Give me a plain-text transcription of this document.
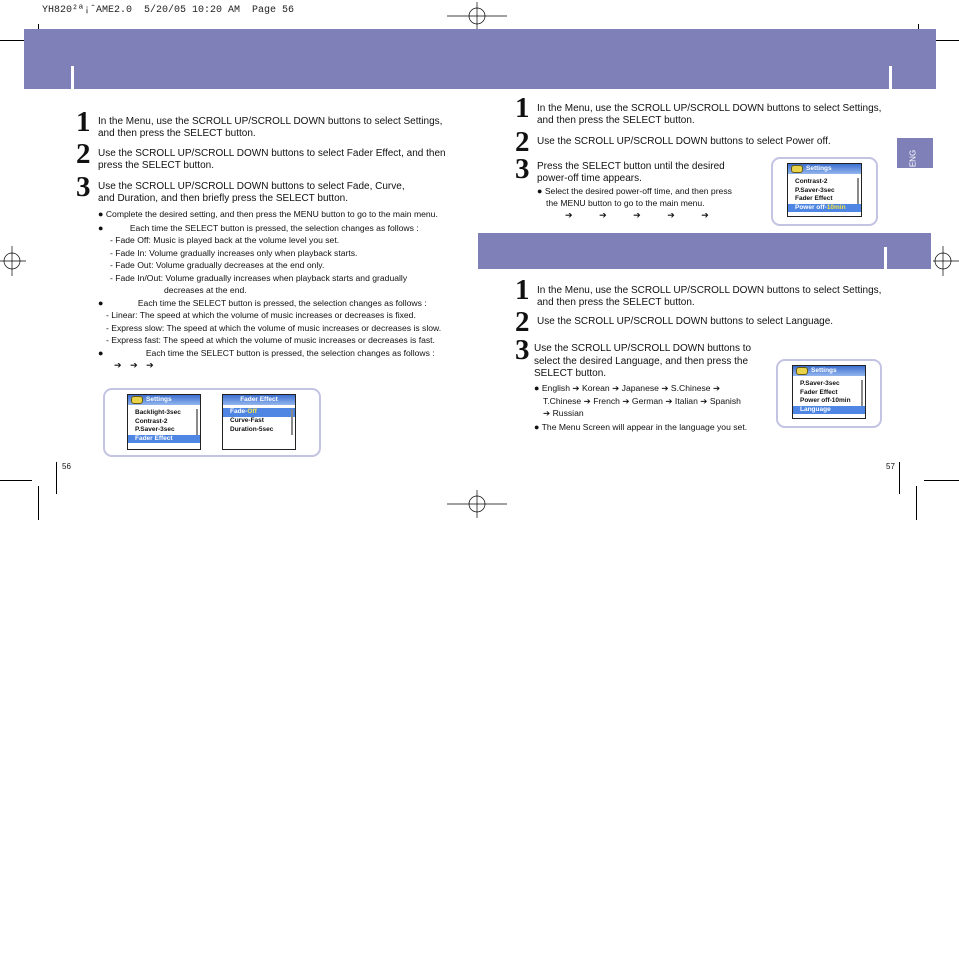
YH820²ª¡ˆAME2.0  5/20/05 10:20 AM  Page 56
1 In the Menu, use the SCROLL UP/SCROLL DOWN buttons to select Settings,
and then press the SELECT button.
2 Use the SCROLL UP/SCROLL DOWN buttons to select Fader Effect, and then
press the SELECT button.
3 Use the SCROLL UP/SCROLL DOWN buttons to select Fade, Curve,
and Duration, and then briefly press the SELECT button.
● Complete the desired setting, and then press the MENU button to go to the main menu.
●	Each time the SELECT button is pressed, the selection changes as follows :
- Fade Off: Music is played back at the volume level you set.
- Fade In: Volume gradually increases only when playback starts.
- Fade Out: Volume gradually decreases at the end only.
- Fade In/Out: Volume gradually increases when playback starts and gradually
decreases at the end.
●	Each time the SELECT button is pressed, the selection changes as follows :
- Linear: The speed at which the volume of music increases or decreases is fixed.
- Express slow: The speed at which the volume of music increases or decreases is slow.
- Express fast: The speed at which the volume of music increases or decreases is fast.
●	Each time the SELECT button is pressed, the selection changes as follows :
➔ ➔ ➔
Settings
Backlight-3sec
Contrast-2
P.Saver-3sec
Fader Effect
Fader Effect
Fade-Off
Curve-Fast
Duration-5sec
56
ENG
1 In the Menu, use the SCROLL UP/SCROLL DOWN buttons to select Settings,
and then press the SELECT button.
2 Use the SCROLL UP/SCROLL DOWN buttons to select Power off.
3 Press the SELECT button until the desired
power-off time appears.
● Select the desired power-off time, and then press
the MENU button to go to the main menu.
➔	➔	➔	➔	➔
Settings
Contrast-2
P.Saver-3sec
Fader Effect
Power off-10min
1 In the Menu, use the SCROLL UP/SCROLL DOWN buttons to select Settings,
and then press the SELECT button.
2 Use the SCROLL UP/SCROLL DOWN buttons to select Language.
3 Use the SCROLL UP/SCROLL DOWN buttons to
select the desired Language, and then press the
SELECT button.
● English ➔ Korean ➔ Japanese ➔ S.Chinese ➔
T.Chinese ➔ French ➔ German ➔ Italian ➔ Spanish
➔ Russian
● The Menu Screen will appear in the language you set.
Settings
P.Saver-3sec
Fader Effect
Power off-10min
Language
57
